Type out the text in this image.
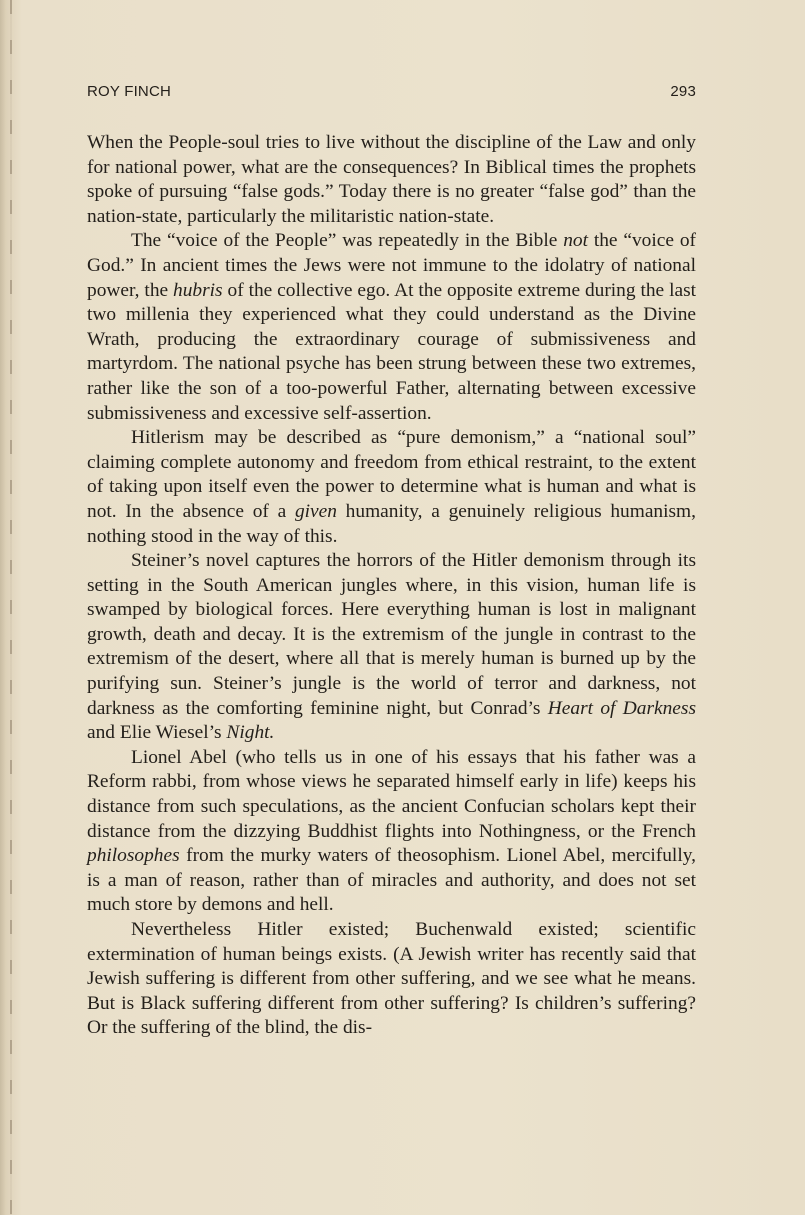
ROY FINCH	293

When the People-soul tries to live without the discipline of the Law and only for national power, what are the consequences? In Biblical times the prophets spoke of pursuing “false gods.” Today there is no greater “false god” than the nation-state, particularly the militaristic nation-state.

The “voice of the People” was repeatedly in the Bible not the “voice of God.” In ancient times the Jews were not immune to the idolatry of national power, the hubris of the collective ego. At the opposite extreme during the last two millenia they experienced what they could understand as the Divine Wrath, producing the extraordinary courage of submissiveness and martyrdom. The national psyche has been strung between these two extremes, rather like the son of a too-powerful Father, alternating between excessive submissiveness and excessive self-assertion.

Hitlerism may be described as “pure demonism,” a “national soul” claiming complete autonomy and freedom from ethical restraint, to the extent of taking upon itself even the power to determine what is human and what is not. In the absence of a given humanity, a genuinely religious humanism, nothing stood in the way of this.

Steiner’s novel captures the horrors of the Hitler demonism through its setting in the South American jungles where, in this vision, human life is swamped by biological forces. Here everything human is lost in malignant growth, death and decay. It is the extremism of the jungle in contrast to the extremism of the desert, where all that is merely human is burned up by the purifying sun. Steiner’s jungle is the world of terror and darkness, not darkness as the comforting feminine night, but Conrad’s Heart of Darkness and Elie Wiesel’s Night.

Lionel Abel (who tells us in one of his essays that his father was a Reform rabbi, from whose views he separated himself early in life) keeps his distance from such speculations, as the ancient Confucian scholars kept their distance from the dizzying Buddhist flights into Nothingness, or the French philosophes from the murky waters of theosophism. Lionel Abel, mercifully, is a man of reason, rather than of miracles and authority, and does not set much store by demons and hell.

Nevertheless Hitler existed; Buchenwald existed; scientific extermination of human beings exists. (A Jewish writer has recently said that Jewish suffering is different from other suffering, and we see what he means. But is Black suffering different from other suffering? Is children’s suffering? Or the suffering of the blind, the dis-
